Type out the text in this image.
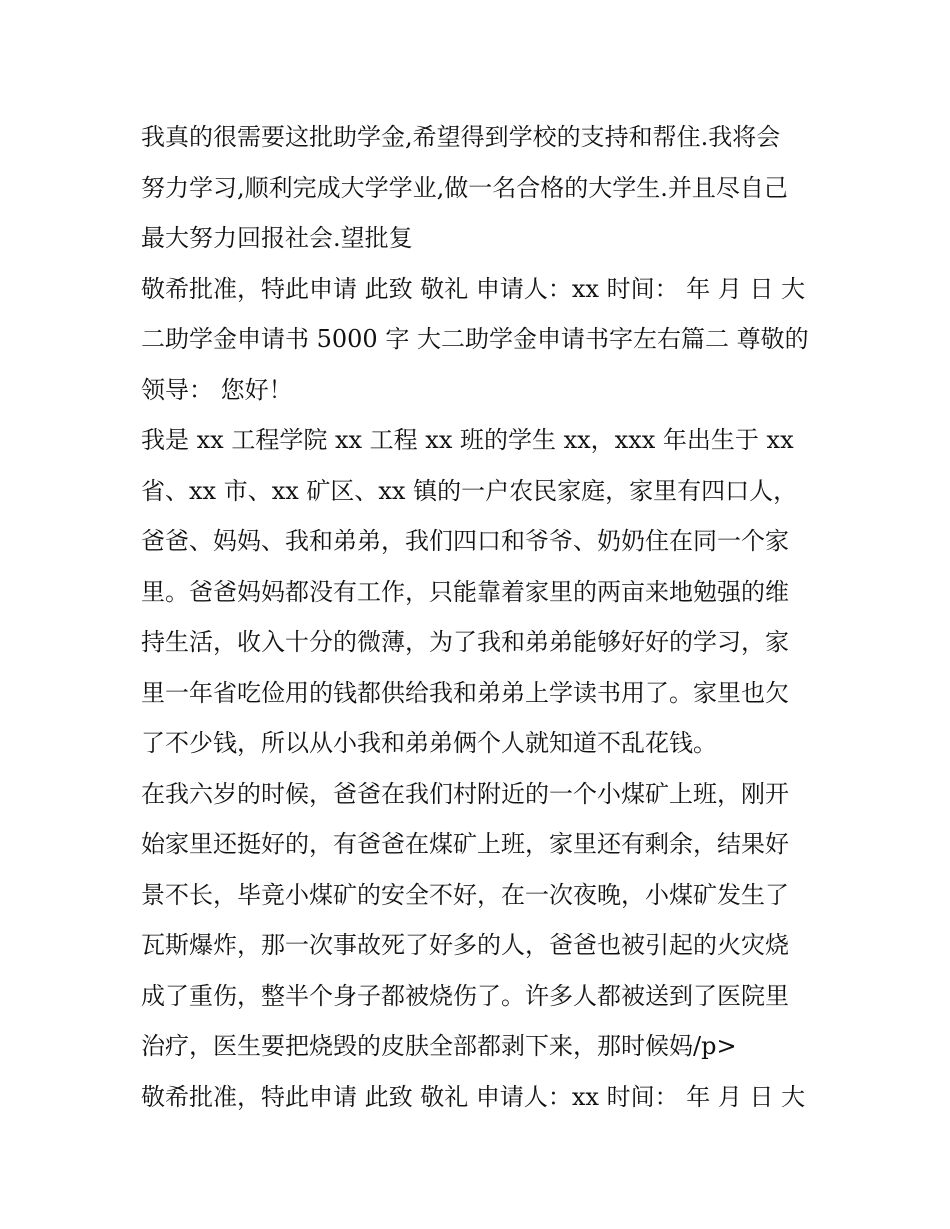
我真的很需要这批助学金,希望得到学校的支持和帮住.我将会

努力学习,顺利完成大学学业,做一名合格的大学生.并且尽自己

最大努力回报社会.望批复

敬希批准，特此申请 此致 敬礼 申请人：xx 时间： 年 月 日 大

二助学金申请书 5000 字 大二助学金申请书字左右篇二 尊敬的

领导： 您好！

我是 xx 工程学院 xx 工程 xx 班的学生 xx，xxx 年出生于 xx

省、xx 市、xx 矿区、xx 镇的一户农民家庭，家里有四口人，

爸爸、妈妈、我和弟弟，我们四口和爷爷、奶奶住在同一个家

里。爸爸妈妈都没有工作，只能靠着家里的两亩来地勉强的维

持生活，收入十分的微薄，为了我和弟弟能够好好的学习，家

里一年省吃俭用的钱都供给我和弟弟上学读书用了。家里也欠

了不少钱，所以从小我和弟弟俩个人就知道不乱花钱。

在我六岁的时候，爸爸在我们村附近的一个小煤矿上班，刚开

始家里还挺好的，有爸爸在煤矿上班，家里还有剩余，结果好

景不长，毕竟小煤矿的安全不好，在一次夜晚，小煤矿发生了

瓦斯爆炸，那一次事故死了好多的人，爸爸也被引起的火灾烧

成了重伤，整半个身子都被烧伤了。许多人都被送到了医院里

治疗，医生要把烧毁的皮肤全部都剥下来，那时候妈/p>

敬希批准，特此申请 此致 敬礼 申请人：xx 时间： 年 月 日 大
